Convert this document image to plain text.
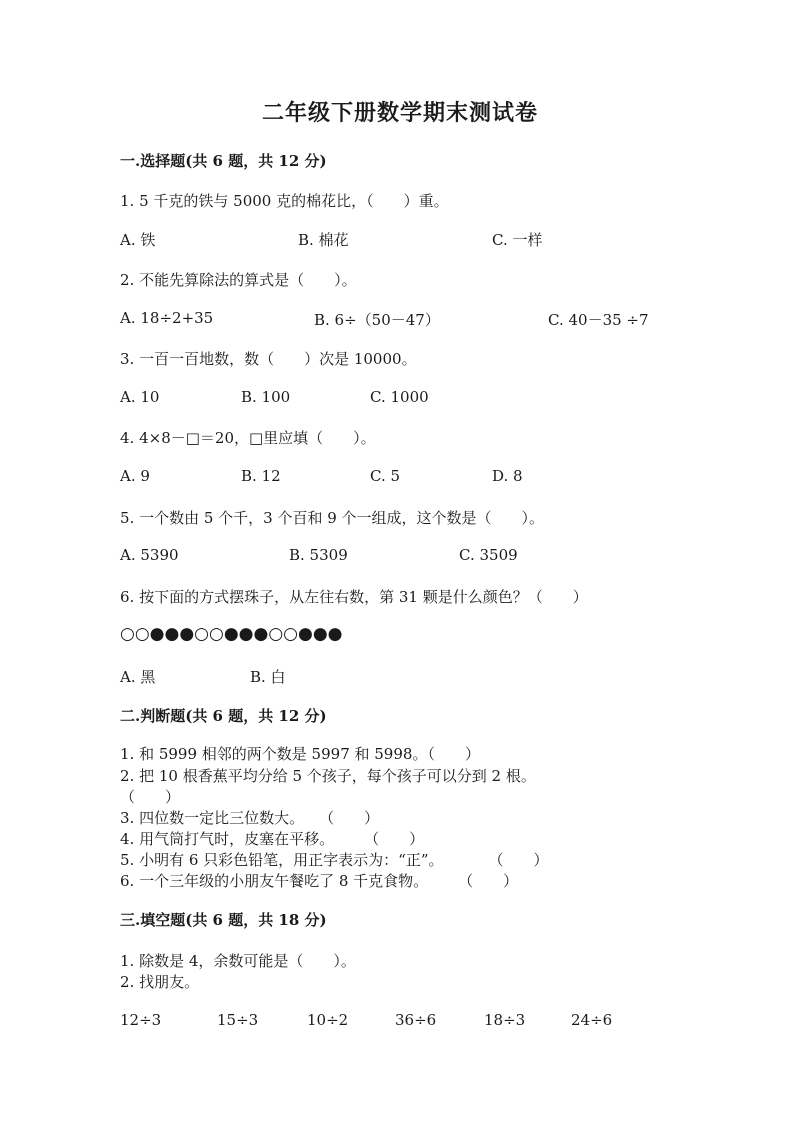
二年级下册数学期末测试卷
一.选择题(共 6 题，共 12 分)
1. 5 千克的铁与 5000 克的棉花比，（　　）重。
A. 铁	B. 棉花	C. 一样
2. 不能先算除法的算式是（　　）。
A. 18÷2+35	B. 6÷（50－47）	C. 40－35 ÷7
3. 一百一百地数，数（　　）次是 10000。
A. 10	B. 100	C. 1000
4. 4×8－□＝20，□里应填（　　）。
A. 9	B. 12	C. 5	D. 8
5. 一个数由 5 个千，3 个百和 9 个一组成，这个数是（　　）。
A. 5390	B. 5309	C. 3509
6. 按下面的方式摆珠子，从左往右数，第 31 颗是什么颜色？（　　）
○○●●●○○●●●○○●●●
A. 黑	B. 白
二.判断题(共 6 题，共 12 分)
1. 和 5999 相邻的两个数是 5997 和 5998。（　　）
2. 把 10 根香蕉平均分给 5 个孩子，每个孩子可以分到 2 根。
（　　）
3. 四位数一定比三位数大。　　（　　）
4. 用气筒打气时，皮塞在平移。　　　（　　）
5. 小明有 6 只彩色铅笔，用正字表示为：“正”。　　　　（　　）
6. 一个三年级的小朋友午餐吃了 8 千克食物。　　　（　　）
三.填空题(共 6 题，共 18 分)
1. 除数是 4，余数可能是（　　）。
2. 找朋友。
12÷3	15÷3	10÷2	36÷6	18÷3	24÷6
